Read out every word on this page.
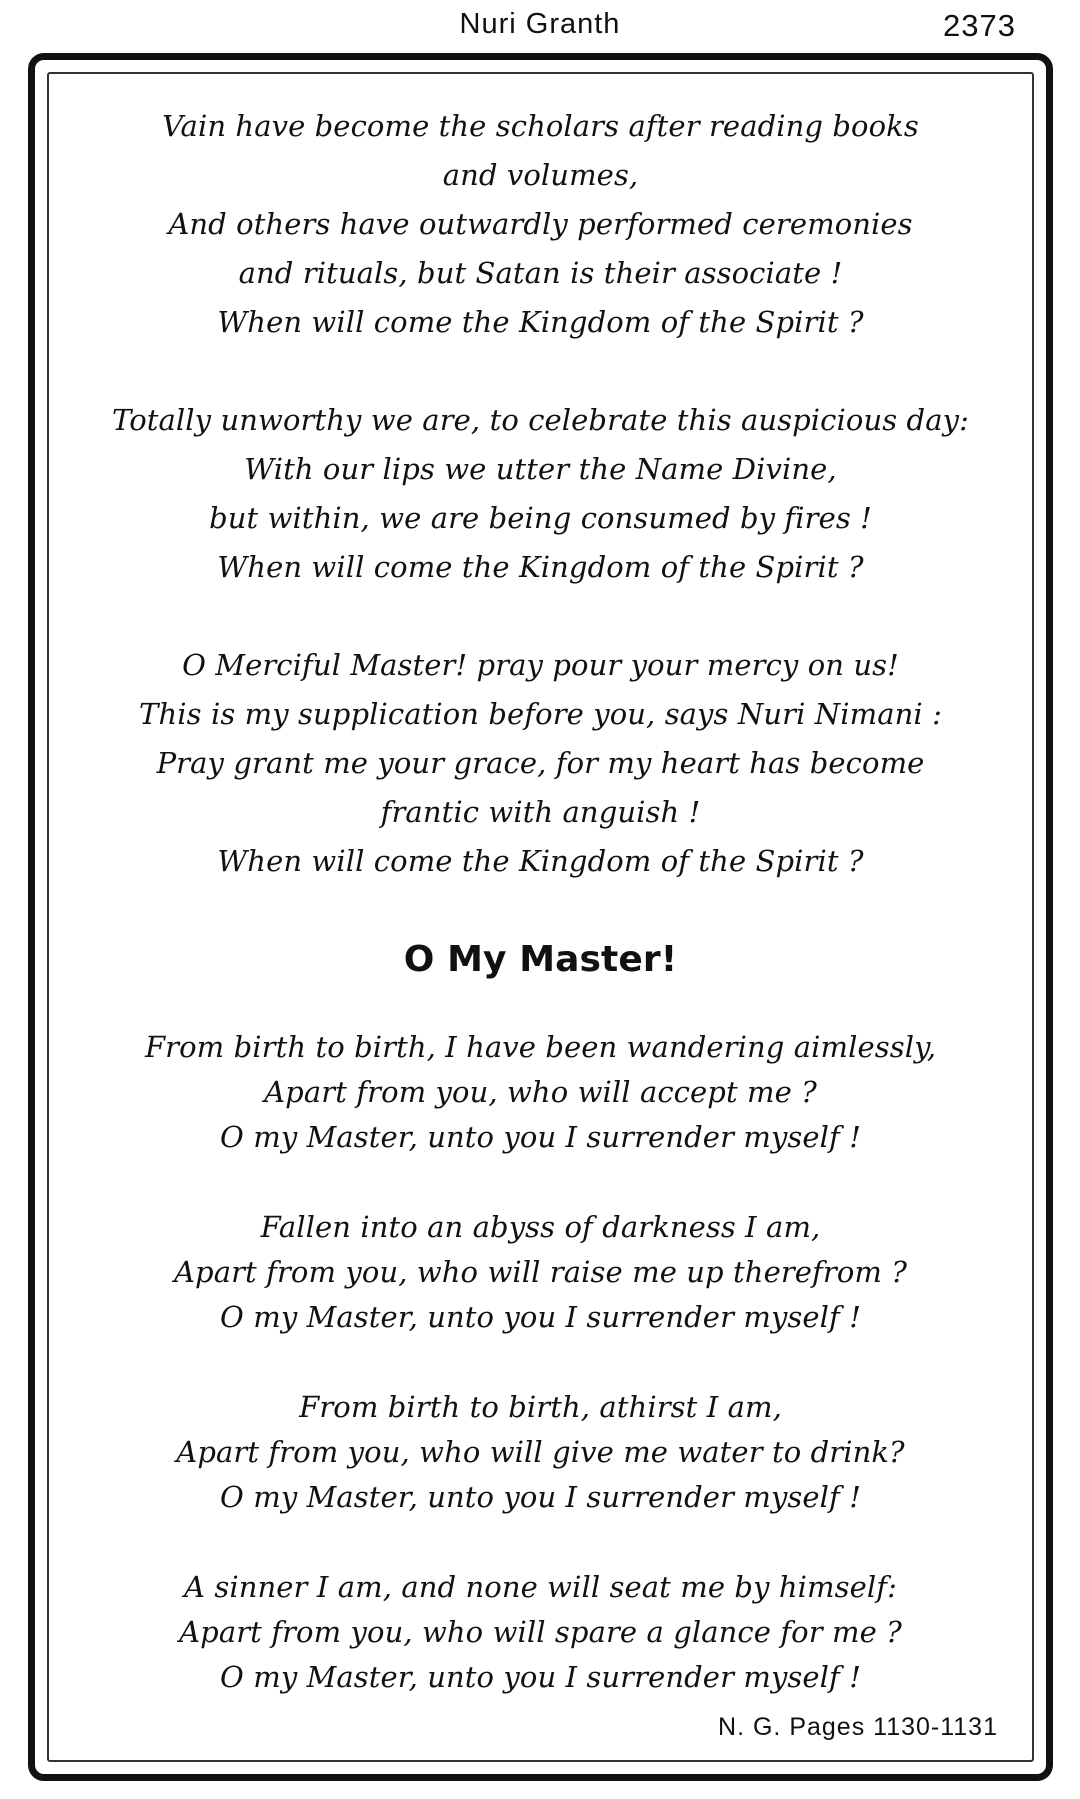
Nuri Granth	2373
Vain have become the scholars after reading books
and volumes,
And others have outwardly performed ceremonies
and rituals, but Satan is their associate !
When will come the Kingdom of the Spirit ?
Totally unworthy we are, to celebrate this auspicious day:
With our lips we utter the Name Divine,
but within, we are being consumed by fires !
When will come the Kingdom of the Spirit ?
O Merciful Master! pray pour your mercy on us!
This is my supplication before you, says Nuri Nimani :
Pray grant me your grace, for my heart has become
frantic with anguish !
When will come the Kingdom of the Spirit ?
O My Master!
From birth to birth, I have been wandering aimlessly,
Apart from you, who will accept me ?
O my Master, unto you I surrender myself !
Fallen into an abyss of darkness I am,
Apart from you, who will raise me up therefrom ?
O my Master, unto you I surrender myself !
From birth to birth, athirst I am,
Apart from you, who will give me water to drink?
O my Master, unto you I surrender myself !
A sinner I am, and none will seat me by himself:
Apart from you, who will spare a glance for me ?
O my Master, unto you I surrender myself !
N. G. Pages 1130-1131
